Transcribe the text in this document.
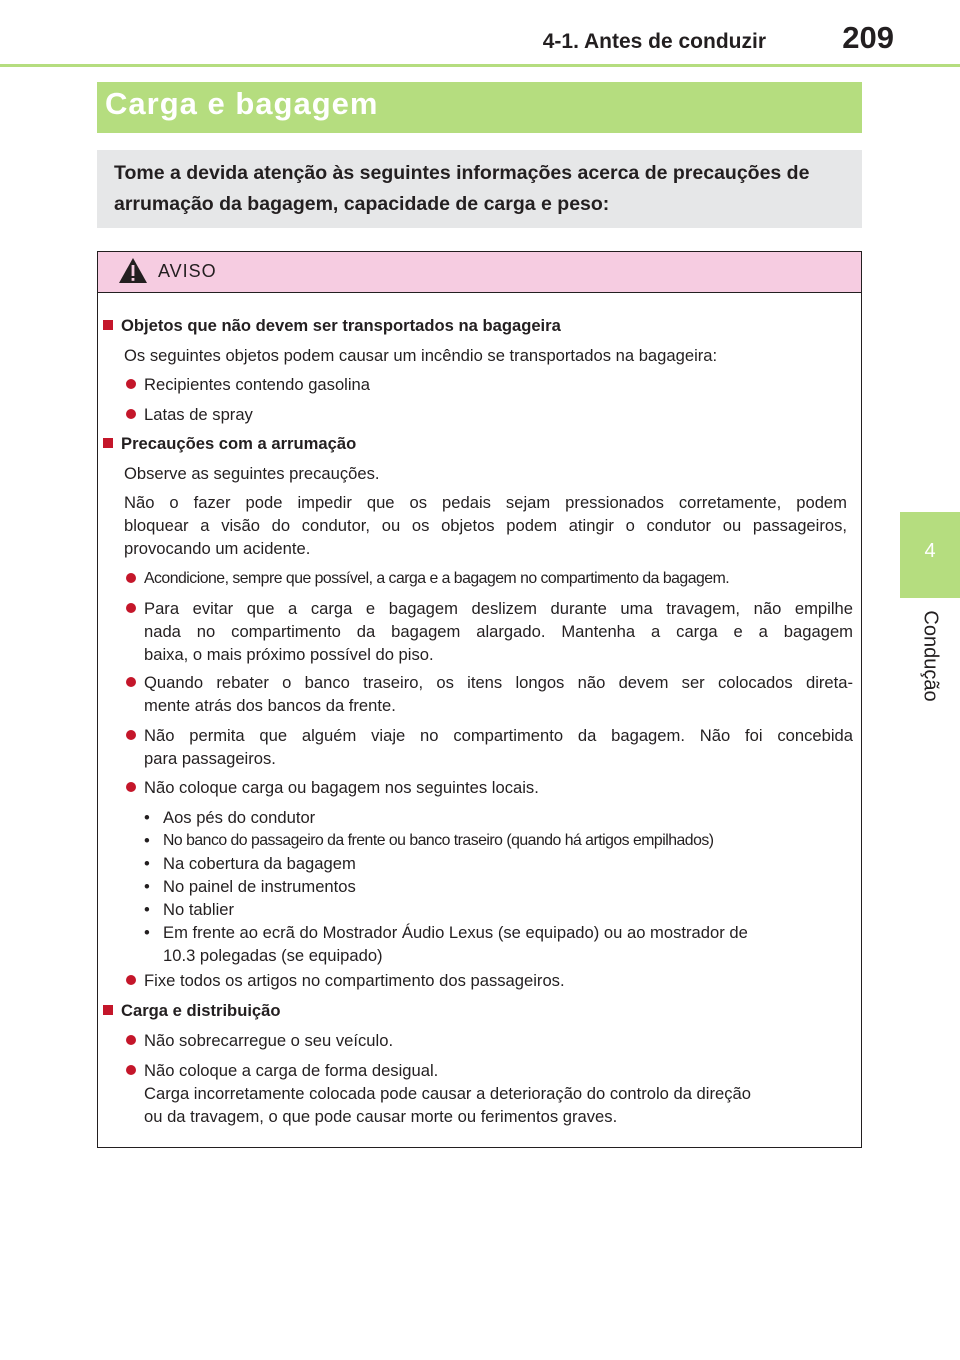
4-1. Antes de conduzir 209
4
Condução
Carga e bagagem
Tome a devida atenção às seguintes informações acerca de precauções de arrumação da bagagem, capacidade de carga e peso:
AVISO
Objetos que não devem ser transportados na bagageira
Os seguintes objetos podem causar um incêndio se transportados na bagageira:
Recipientes contendo gasolina
Latas de spray
Precauções com a arrumação
Observe as seguintes precauções.
Não o fazer pode impedir que os pedais sejam pressionados corretamente, podem
bloquear a visão do condutor, ou os objetos podem atingir o condutor ou passageiros,
provocando um acidente.
Acondicione, sempre que possível, a carga e a bagagem no compartimento da bagagem.
Para evitar que a carga e bagagem deslizem durante uma travagem, não empilhe
nada no compartimento da bagagem alargado. Mantenha a carga e a bagagem
baixa, o mais próximo possível do piso.
Quando rebater o banco traseiro, os itens longos não devem ser colocados direta-
mente atrás dos bancos da frente.
Não permita que alguém viaje no compartimento da bagagem. Não foi concebida
para passageiros.
Não coloque carga ou bagagem nos seguintes locais.
• Aos pés do condutor
• No banco do passageiro da frente ou banco traseiro (quando há artigos empilhados)
• Na cobertura da bagagem
• No painel de instrumentos
• No tablier
• Em frente ao ecrã do Mostrador Áudio Lexus (se equipado) ou ao mostrador de
10.3 polegadas (se equipado)
Fixe todos os artigos no compartimento dos passageiros.
Carga e distribuição
Não sobrecarregue o seu veículo.
Não coloque a carga de forma desigual.
Carga incorretamente colocada pode causar a deterioração do controlo da direção
ou da travagem, o que pode causar morte ou ferimentos graves.
